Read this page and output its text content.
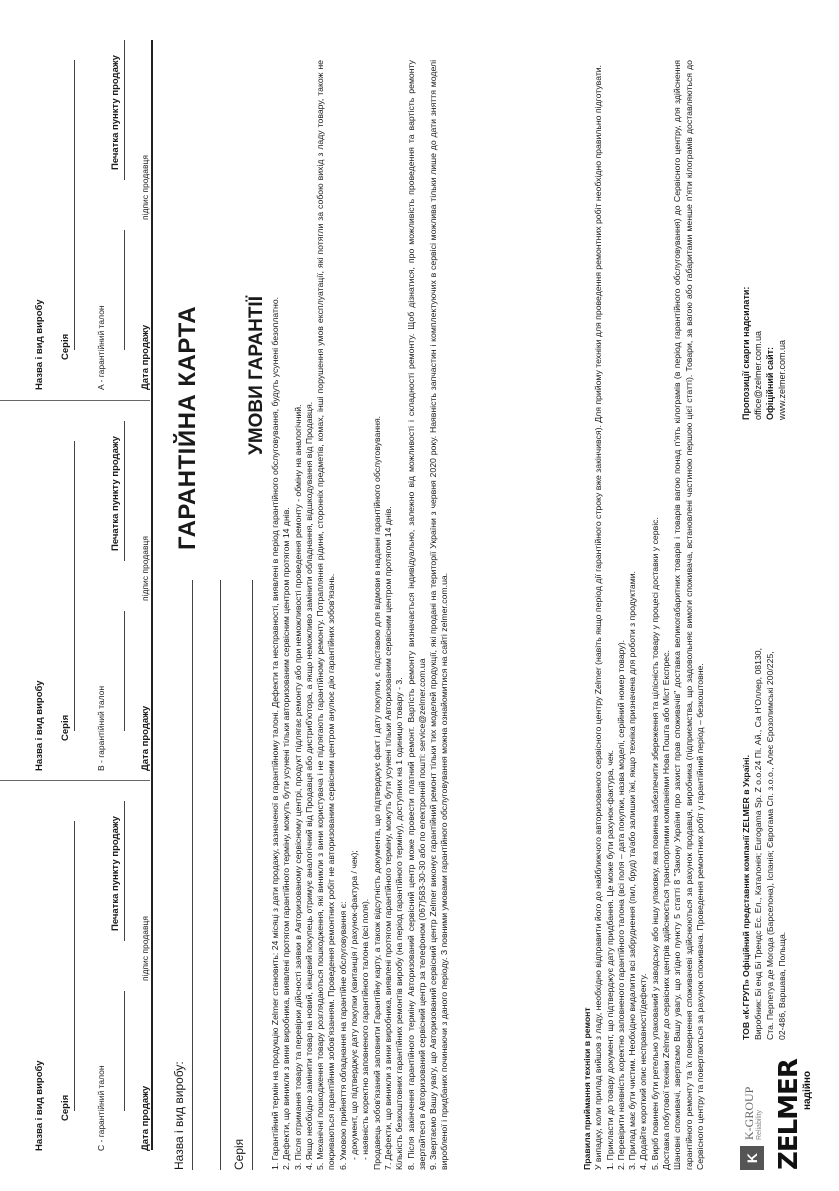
A - гарантійний талон
Назва і вид виробу Серія	Дата продажу
підпис продавця
Печатка пункту продажу
B - гарантійний талон
Назва і вид виробу Серія	Дата продажу
підпис продавця
Печатка пункту продажу
C - гарантійний талон
Назва і вид виробу Серія	Дата продажу
підпис продавця
Печатка пункту продажу
Назва і вид виробу:	Серія
ГАРАНТІЙНА КАРТА УМОВИ ГАРАНТІЇ 1. Гарантійний термін на продукцію Zelmer становить: 24 місяці з дати продажу, зазначеної в гарантійному талоні. Дефекти та несправності, виявлені в період гарантійного обслуговування, будуть усунені безоплатно. 2. Дефекти, що виникли з вини виробника, виявлені протягом гарантійного терміну, можуть бути усунені тільки авторизованим сервісним центром протягом 14 днів. 3. Після отримання товару та перевірки дійсності заявки в Авторизованому сервісному центрі, продукт підлягає ремонту або при неможливості проведення ремонту - обміну на аналогічний. 4. Якщо необхідно замінити товар на новий, кінцевий покупець отримує аналогічний від Продавця або дистриб'ютора, а якщо неможливо замінити обладнання, відшкодування від Продавця. 5. Механічні пошкодження товару розглядаються пошкодження, які виникли з вини користувача і не підлягають гарантійному ремонту. Потрапляння рідини, сторонніх предметів, комах, інші порушення умов експлуатації, які потягли за собою вихід з ладу товару, також не покриваються гарантійним зобов'язанням. Проведення ремонтних робіт не авторизованим сервісним центром анулює дію гарантійних зобов'язань. 6. Умовою прийняття обладнання на гарантійне обслуговування є: - документ, що підтверджує дату покупки (квитанція / рахунок-фактура / чек); - наявність коректно заповненого гарантійного талона (всі поля). Продавець зобов'язаний заповнити Гарантійну карту, а також відсутність документа, що підтверджує факт і дату покупки, є підставою для відмови в наданні гарантійного обслуговування. 7. Дефекти, що виникли з вини виробника, виявлені протягом гарантійного терміну, можуть бути усунені тільки Авторизованим сервісним центром протягом 14 днів. Кількість безкоштовних гарантійних ремонтів виробу (на період гарантійного терміну), доступних на 1 одиницю товару - 3. 8. Після закінчення гарантійного терміну Авторизований сервісний центр може провести платний ремонт. Вартість ремонту визначається індивідуально, залежно від можливості і складності ремонту. Щоб дізнатися, про можливість проведення та вартість ремонту звертайтеся в Авторизований сервісний центр за телефоном (067)583-30-30 або по електронній пошті: service@zelmer.com.ua 9. Звертаємо Вашу увагу, що Авторизований сервісний центр Zelmer виконує гарантійний ремонт тільки тих моделей продукції, які продані на території України з червня 2020 року. Наявність запчастин і комплектуючих в сервісі можлива тільки лише до дати зняття моделі виробленої і придбаних починаючи з даного періоду. З повними умовами гарантійного обслуговування можна ознайомитися на сайті zelmer.com.ua.	Правила приймання техніки в ремонт У випадку, коли прилад вийшов з ладу, необхідно відправити його до найближчого авторизованого сервісного центру Zelmer (навіть якщо період дії гарантійного строку вже закінчився). Для прийому техніки для проведення ремонтних робіт необхідно правильно підготувати. 1. Прикласти до товару документ, що підтверджує дату придбання. Це може бути рахунок-фактура, чек. 2. Перевірити наявність коректно заповненого гарантійного талона (всі поля – дата покупки, назва моделі, серійний номер товару). 3. Прилад має бути чистим. Необхідно видалити всі забруднення (пил, бруд) та/або залишки їжі, якщо техніка призначена для роботи з продуктами. 4. Додайте короткий опис несправності/дефекту. 5. Виріб повинен бути ретельно упакований у заводську або іншу упаковку, яка повинна забезпечити збереження та цілісність товару у процесі доставки у сервіс. Доставка побутової техніки Zelmer до сервісних центрів здійснюється транспортними компаніями Нова Пошта або Міст Експрес. Шановні споживачі, звертаємо Вашу увагу, що згідно пункту 5 статті 8 "Закону України про захист прав споживачів" доставка великогабаритних товарів і товарів вагою понад п'ять кілограмів (в період гарантійного обслуговування) до Сервісного центру, для здійснення гарантійного ремонту та їх повернення споживачеві здійснюються за рахунок продавця, виробника (підприємства, що задовольняє вимоги споживача, встановлені частиною першою цієї статті). Товари, за вагою або габаритами менше п'яти кілограмів доставляються до Сервісного центру та повертаються за рахунок споживача. Проведення ремонтних робіт у гарантійний період – безкоштовне.	K
K-GROUP Reliability ZELMER
надійно
ТОВ «К-ГРУП» Офіційний представник компанії ZELMER в Україні. Виробник: Бі енд Бі Трендс Ес. Ел., Каталонія; Eurogama Sp. Z o.o.24 Пі. Ай., Са Н'Оллер, 08130, Ста. Перпетуа де Могода (Барселона), Іспанія; Єврогама Сп. з.о.о., Алеє Єрозолимські 200/225, 02-486, Варшава, Польща.
Пропозиції скарги надсилати: office@zelmer.com.ua Офіційний сайт: www.zelmer.com.ua
